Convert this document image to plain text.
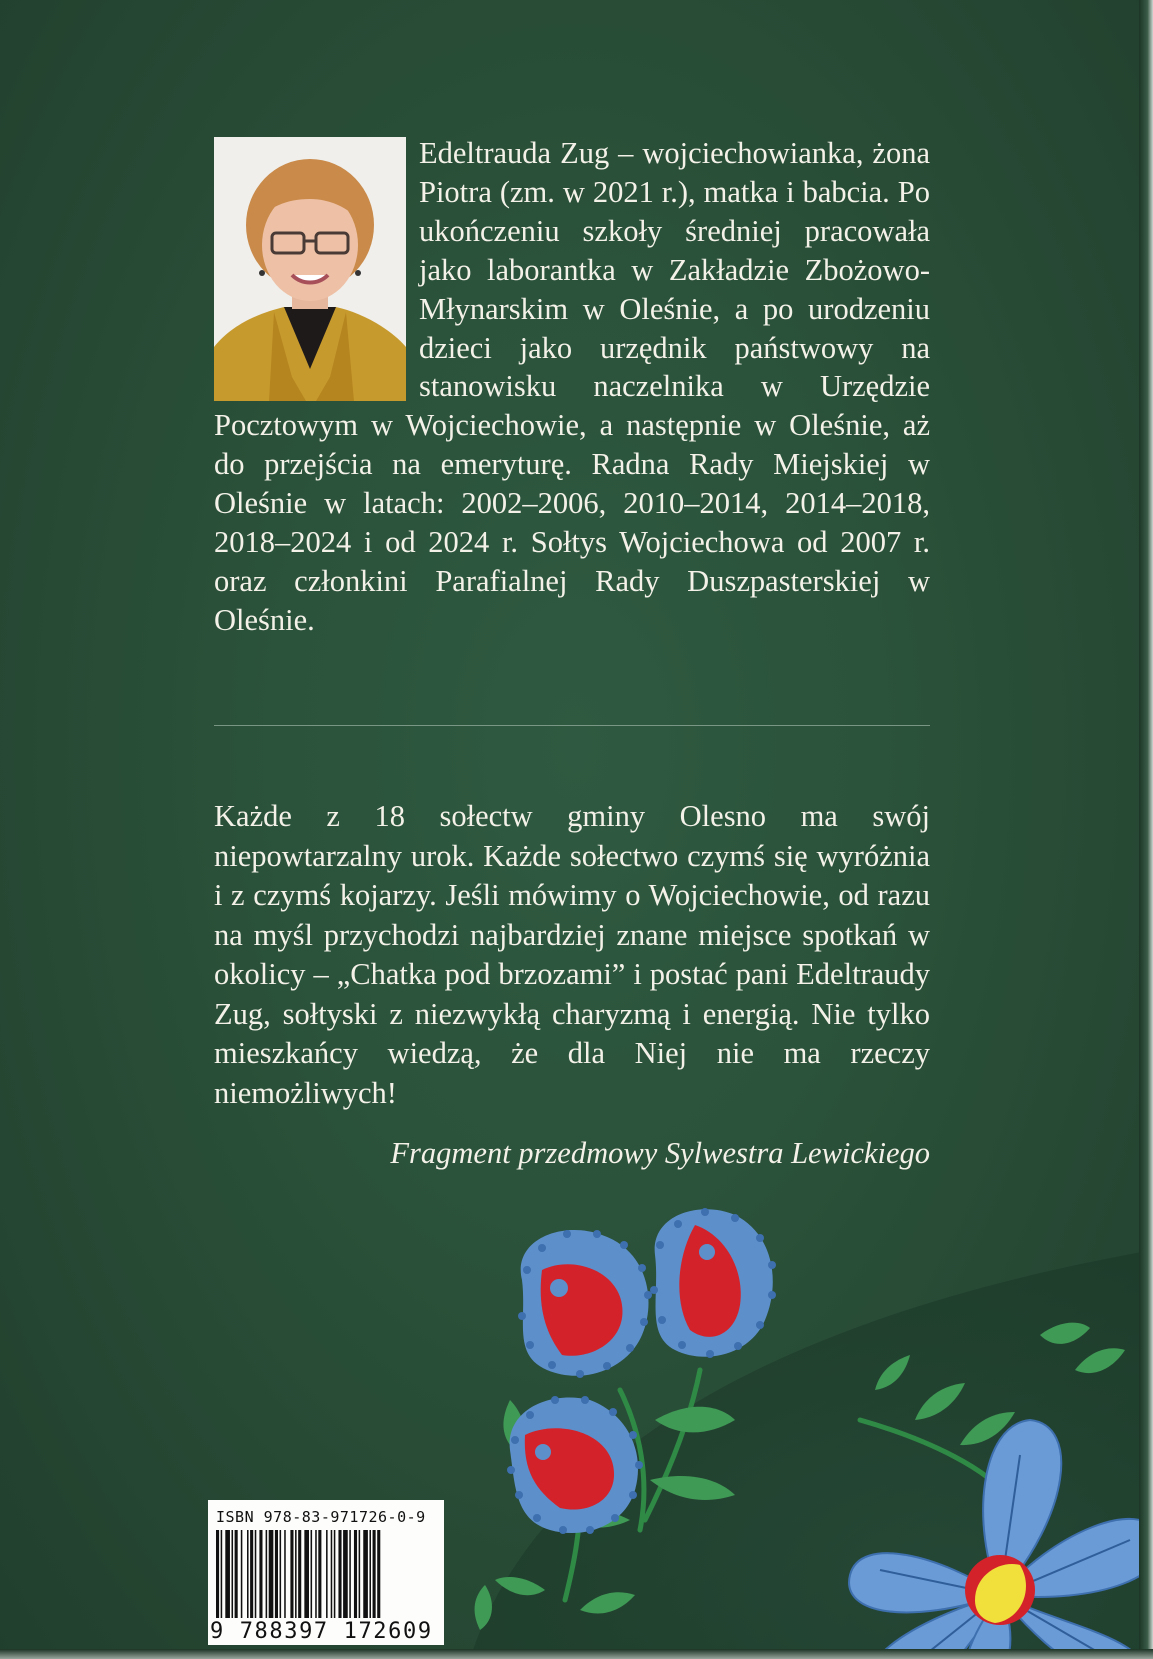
Edeltrauda Zug – wojciechowianka, żona Piotra (zm. w 2021 r.), matka i babcia. Po ukończeniu szkoły średniej pracowała jako laborantka w Zakładzie Zbożowo-Młynarskim w Oleśnie, a po urodzeniu dzieci jako urzędnik państwowy na stanowisku naczelnika w Urzędzie Pocztowym w Wojciechowie, a następnie w Oleśnie, aż do przejścia na emeryturę. Radna Rady Miejskiej w Oleśnie w latach: 2002–2006, 2010–2014, 2014–2018, 2018–2024 i od 2024 r. Sołtys Wojciechowa od 2007 r. oraz członkini Parafialnej Rady Duszpasterskiej w Oleśnie.

Każde z 18 sołectw gminy Olesno ma swój niepowtarzalny urok. Każde sołectwo czymś się wyróżnia i z czymś kojarzy. Jeśli mówimy o Wojciechowie, od razu na myśl przychodzi najbardziej znane miejsce spotkań w okolicy – „Chatka pod brzozami” i postać pani Edeltraudy Zug, sołtyski z niezwykłą charyzmą i energią. Nie tylko mieszkańcy wiedzą, że dla Niej nie ma rzeczy niemożliwych!

Fragment przedmowy Sylwestra Lewickiego

ISBN 978-83-971726-0-9
9 788397 172609
